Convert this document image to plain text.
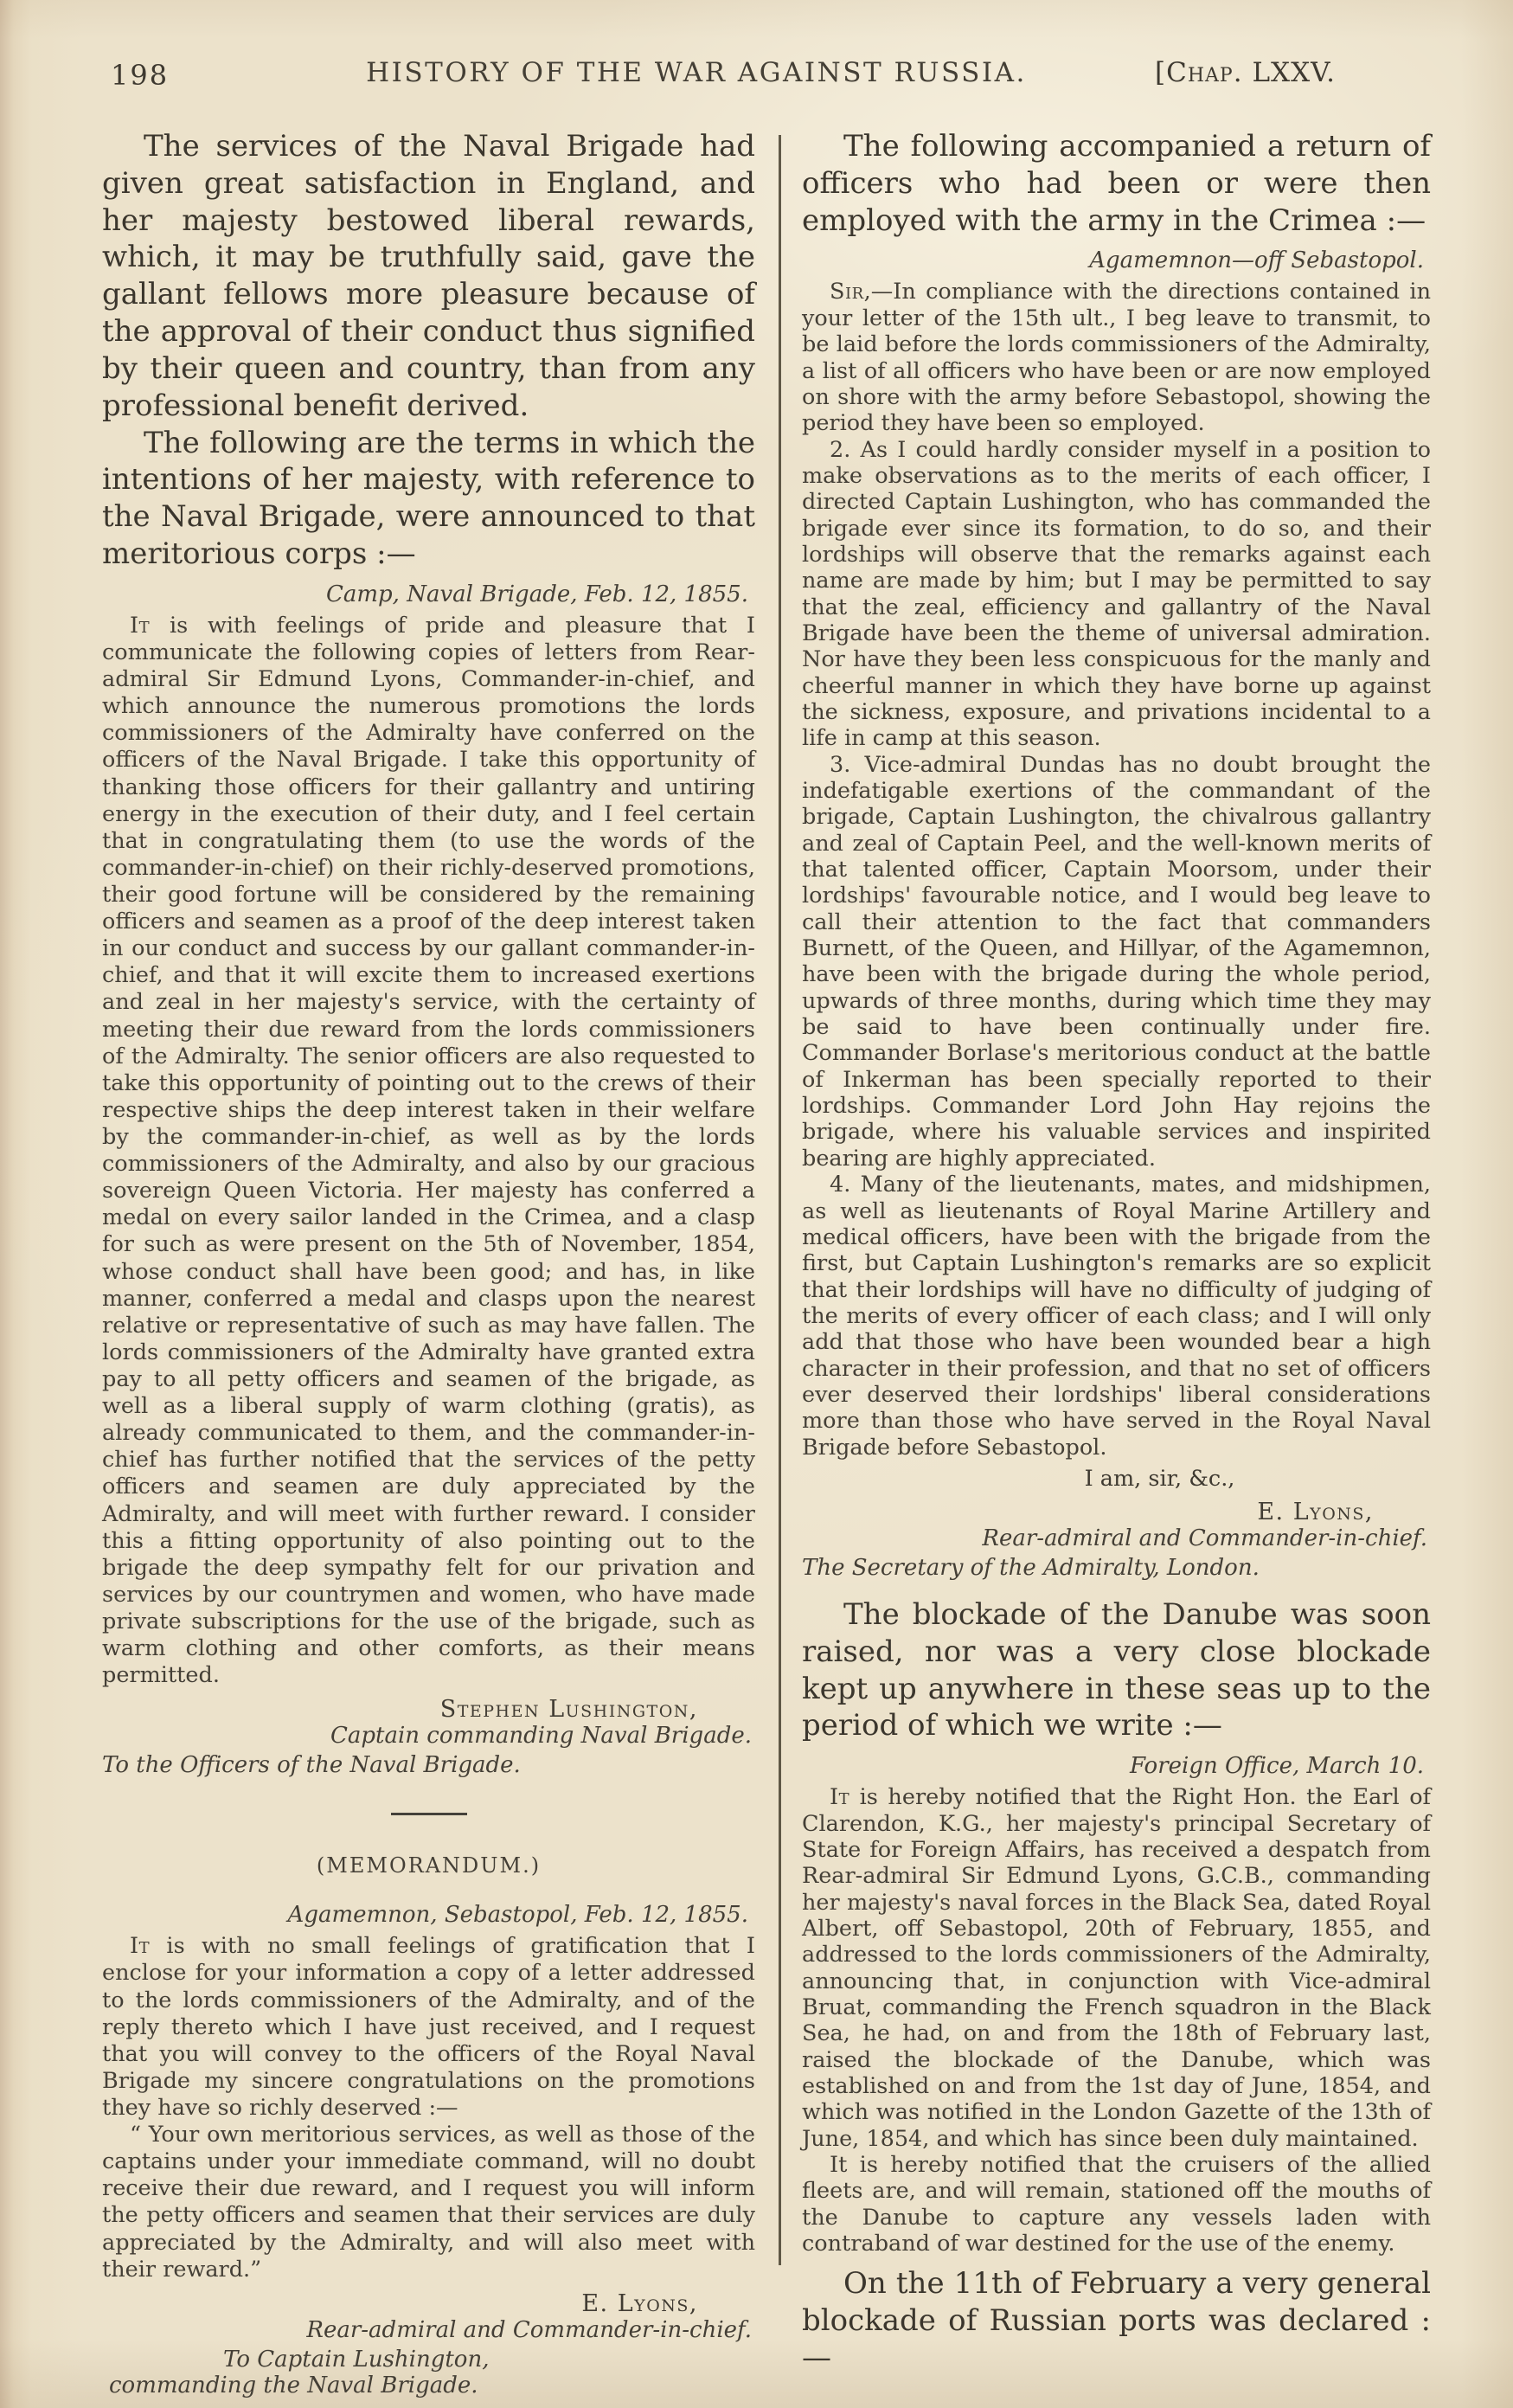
198	HISTORY OF THE WAR AGAINST RUSSIA.	[Chap. LXXV.

The services of the Naval Brigade had given great satisfaction in England, and her majesty bestowed liberal rewards, which, it may be truthfully said, gave the gallant fellows more pleasure because of the approval of their conduct thus signified by their queen and country, than from any professional benefit derived.

The following are the terms in which the intentions of her majesty, with reference to the Naval Brigade, were announced to that meritorious corps :—

Camp, Naval Brigade, Feb. 12, 1855.

It is with feelings of pride and pleasure that I communicate the following copies of letters from Rear-admiral Sir Edmund Lyons, Commander-in-chief, and which announce the numerous promotions the lords commissioners of the Admiralty have conferred on the officers of the Naval Brigade. I take this opportunity of thanking those officers for their gallantry and untiring energy in the execution of their duty, and I feel certain that in congratulating them (to use the words of the commander-in-chief) on their richly-deserved promotions, their good fortune will be considered by the remaining officers and seamen as a proof of the deep interest taken in our conduct and success by our gallant commander-in-chief, and that it will excite them to increased exertions and zeal in her majesty's service, with the certainty of meeting their due reward from the lords commissioners of the Admiralty. The senior officers are also requested to take this opportunity of pointing out to the crews of their respective ships the deep interest taken in their welfare by the commander-in-chief, as well as by the lords commissioners of the Admiralty, and also by our gracious sovereign Queen Victoria. Her majesty has conferred a medal on every sailor landed in the Crimea, and a clasp for such as were present on the 5th of November, 1854, whose conduct shall have been good; and has, in like manner, conferred a medal and clasps upon the nearest relative or representative of such as may have fallen. The lords commissioners of the Admiralty have granted extra pay to all petty officers and seamen of the brigade, as well as a liberal supply of warm clothing (gratis), as already communicated to them, and the commander-in-chief has further notified that the services of the petty officers and seamen are duly appreciated by the Admiralty, and will meet with further reward. I consider this a fitting opportunity of also pointing out to the brigade the deep sympathy felt for our privation and services by our countrymen and women, who have made private subscriptions for the use of the brigade, such as warm clothing and other comforts, as their means permitted.

Stephen Lushington,

Captain commanding Naval Brigade.

To the Officers of the Naval Brigade.

(MEMORANDUM.)

Agamemnon, Sebastopol, Feb. 12, 1855.

It is with no small feelings of gratification that I enclose for your information a copy of a letter addressed to the lords commissioners of the Admiralty, and of the reply thereto which I have just received, and I request that you will convey to the officers of the Royal Naval Brigade my sincere congratulations on the promotions they have so richly deserved :—

“ Your own meritorious services, as well as those of the captains under your immediate command, will no doubt receive their due reward, and I request you will inform the petty officers and seamen that their services are duly appreciated by the Admiralty, and will also meet with their reward.”

E. Lyons,

Rear-admiral and Commander-in-chief.

To Captain Lushington,

commanding the Naval Brigade.

The following accompanied a return of officers who had been or were then employed with the army in the Crimea :—

Agamemnon—off Sebastopol.

Sir,—In compliance with the directions contained in your letter of the 15th ult., I beg leave to transmit, to be laid before the lords commissioners of the Admiralty, a list of all officers who have been or are now employed on shore with the army before Sebastopol, showing the period they have been so employed.

2. As I could hardly consider myself in a position to make observations as to the merits of each officer, I directed Captain Lushington, who has commanded the brigade ever since its formation, to do so, and their lordships will observe that the remarks against each name are made by him; but I may be permitted to say that the zeal, efficiency and gallantry of the Naval Brigade have been the theme of universal admiration. Nor have they been less conspicuous for the manly and cheerful manner in which they have borne up against the sickness, exposure, and privations incidental to a life in camp at this season.

3. Vice-admiral Dundas has no doubt brought the indefatigable exertions of the commandant of the brigade, Captain Lushington, the chivalrous gallantry and zeal of Captain Peel, and the well-known merits of that talented officer, Captain Moorsom, under their lordships' favourable notice, and I would beg leave to call their attention to the fact that commanders Burnett, of the Queen, and Hillyar, of the Agamemnon, have been with the brigade during the whole period, upwards of three months, during which time they may be said to have been continually under fire. Commander Borlase's meritorious conduct at the battle of Inkerman has been specially reported to their lordships. Commander Lord John Hay rejoins the brigade, where his valuable services and inspirited bearing are highly appreciated.

4. Many of the lieutenants, mates, and midshipmen, as well as lieutenants of Royal Marine Artillery and medical officers, have been with the brigade from the first, but Captain Lushington's remarks are so explicit that their lordships will have no difficulty of judging of the merits of every officer of each class; and I will only add that those who have been wounded bear a high character in their profession, and that no set of officers ever deserved their lordships' liberal considerations more than those who have served in the Royal Naval Brigade before Sebastopol.

I am, sir, &c.,

E. Lyons,

Rear-admiral and Commander-in-chief.

The Secretary of the Admiralty, London.

The blockade of the Danube was soon raised, nor was a very close blockade kept up anywhere in these seas up to the period of which we write :—

Foreign Office, March 10.

It is hereby notified that the Right Hon. the Earl of Clarendon, K.G., her majesty's principal Secretary of State for Foreign Affairs, has received a despatch from Rear-admiral Sir Edmund Lyons, G.C.B., commanding her majesty's naval forces in the Black Sea, dated Royal Albert, off Sebastopol, 20th of February, 1855, and addressed to the lords commissioners of the Admiralty, announcing that, in conjunction with Vice-admiral Bruat, commanding the French squadron in the Black Sea, he had, on and from the 18th of February last, raised the blockade of the Danube, which was established on and from the 1st day of June, 1854, and which was notified in the London Gazette of the 13th of June, 1854, and which has since been duly maintained.

It is hereby notified that the cruisers of the allied fleets are, and will remain, stationed off the mouths of the Danube to capture any vessels laden with contraband of war destined for the use of the enemy.

On the 11th of February a very general blockade of Russian ports was declared :—
